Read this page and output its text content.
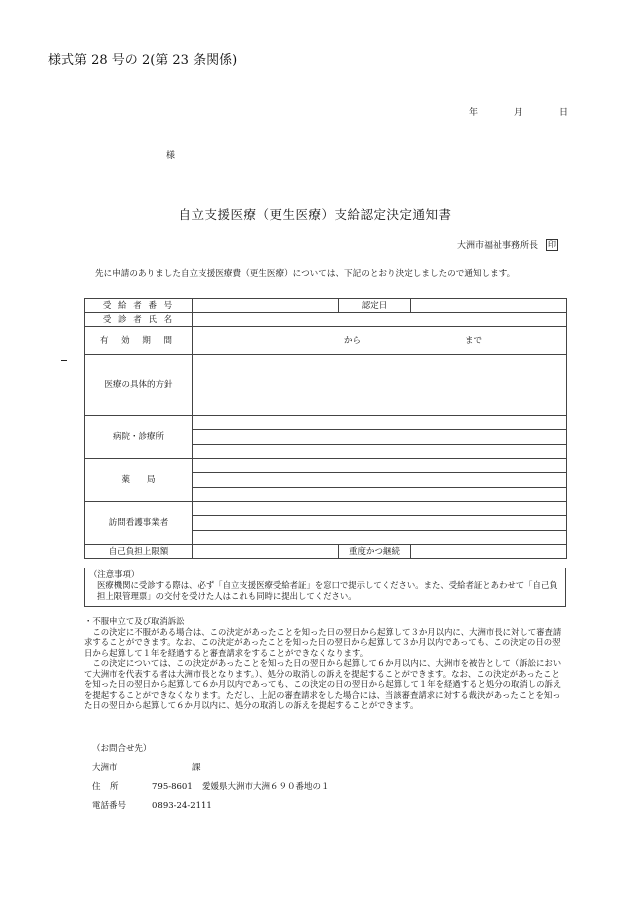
様式第 28 号の 2(第 23 条関係)
年	月	日
様
自立支援医療（更生医療）支給認定決定通知書
大洲市福祉事務所長 印
先に申請のありました自立支援医療費（更生医療）については、下記のとおり決定しましたので通知します。
受 給 者 番 号		認定日	
受 診 者 氏 名			
有 効 期 間	から まで		

医療の具体的方針			
病院・診療所			

薬　　局			

訪問看護事業者			

自己負担上限額		重度かつ継続	
（注意事項）
医療機関に受診する際は、必ず「自立支援医療受給者証」を窓口で提示してください。また、受給者証とあわせて「自己負担上限管理票」の交付を受けた人はこれも同時に提出してください。
・不服申立て及び取消訴訟
この決定に不服がある場合は、この決定があったことを知った日の翌日から起算して３か月以内に、大洲市長に対して審査請求することができます。なお、この決定があったことを知った日の翌日から起算して３か月以内であっても、この決定の日の翌日から起算して１年を経過すると審査請求をすることができなくなります。
この決定については、この決定があったことを知った日の翌日から起算して６か月以内に、大洲市を被告として（訴訟において大洲市を代表する者は大洲市長となります。）、処分の取消しの訴えを提起することができます。なお、この決定があったことを知った日の翌日から起算して６か月以内であっても、この決定の日の翌日から起算して１年を経過すると処分の取消しの訴えを提起することができなくなります。ただし、上記の審査請求をした場合には、当該審査請求に対する裁決があったことを知った日の翌日から起算して６か月以内に、処分の取消しの訴えを提起することができます。
（お問合せ先）
大洲市	課
住	所	795-8601	愛媛県大洲市大洲６９０番地の１
電話番号	0893-24-2111
